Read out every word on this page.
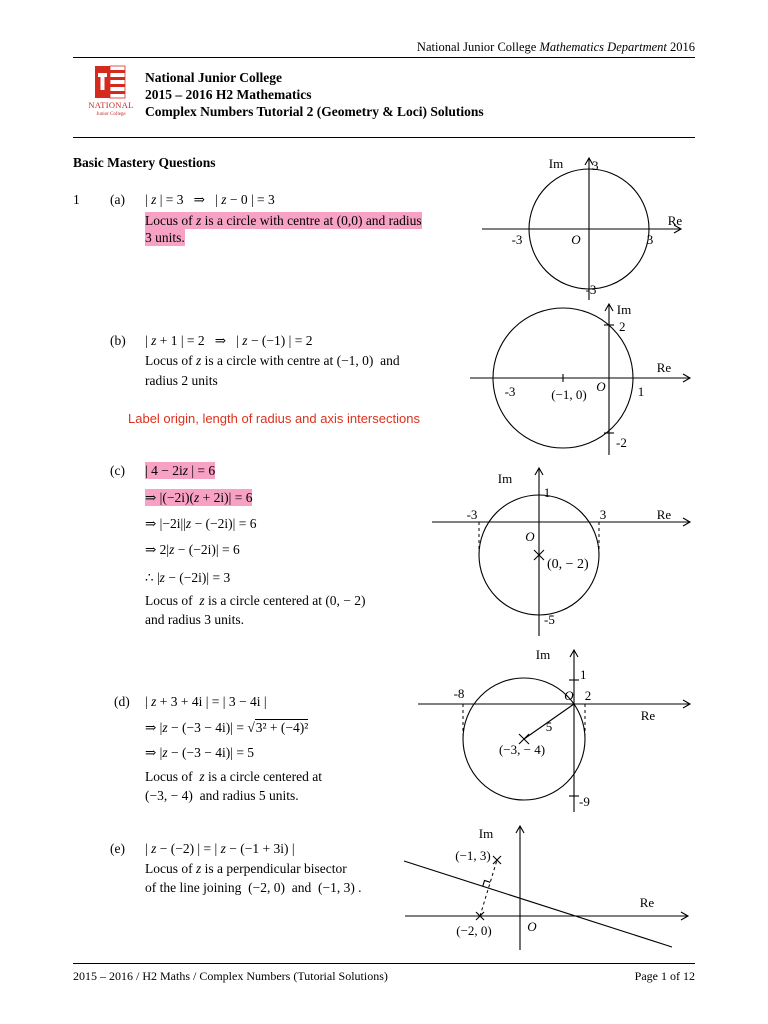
National Junior College Mathematics Department 2016
NATIONAL
Junior College
National Junior College
2015 – 2016 H2 Mathematics
Complex Numbers Tutorial 2 (Geometry & Loci) Solutions
Basic Mastery Questions
1 (a) | z | = 3   ⇒   | z − 0 | = 3
Locus of z is a circle with centre at (0,0) and radius
3 units.
(b) | z + 1 | = 2   ⇒   | z − (−1) | = 2
Locus of z is a circle with centre at (−1, 0)  and
radius 2 units
Label origin, length of radius and axis intersections
(c) | 4 − 2iz | = 6
⇒ |(−2i)(z + 2i)| = 6
⇒ |−2i||z − (−2i)| = 6
⇒ 2|z − (−2i)| = 6
∴ |z − (−2i)| = 3
Locus of  z is a circle centered at (0, − 2)
and radius 3 units.
(d) | z + 3 + 4i | = | 3 − 4i |
⇒ |z − (−3 − 4i)| = √3² + (−4)²
⇒ |z − (−3 − 4i)| = 5
Locus of  z is a circle centered at
(−3, − 4)  and radius 5 units.
(e) | z − (−2) | = | z − (−1 + 3i) |
Locus of z is a perpendicular bisector
of the line joining  (−2, 0)  and  (−1, 3) .
2015 – 2016 / H2 Maths / Complex Numbers (Tutorial Solutions)	Page 1 of 12
Im 3
Re
-3	O	3
-3
Im
2
Re
-3	(−1, 0)
O 1
-2
Im
1
-3	3	Re
O
(0, − 2)
-5
Im
1
-8	O 2
Re
5
(−3, − 4)
-9
Im
(−1, 3)
Re
(−2, 0)	O
